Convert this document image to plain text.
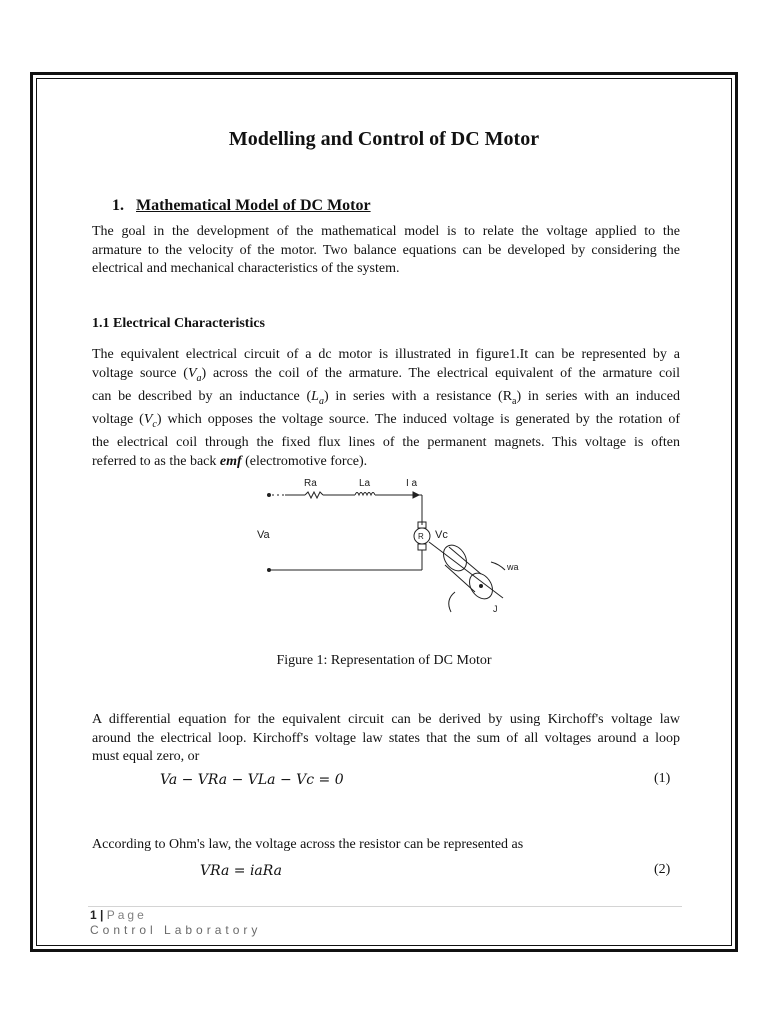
Modelling and Control of DC Motor
1. Mathematical Model of DC Motor
The goal in the development of the mathematical model is to relate the voltage applied to the
armature to the velocity of the motor. Two balance equations can be developed by considering the
electrical and mechanical characteristics of the system.
1.1 Electrical Characteristics
The equivalent electrical circuit of a dc motor is illustrated in figure1.It can be represented by a
voltage source $(V_a)$ across the coil of the armature. The electrical equivalent of the armature coil
can be described by an inductance $(L_a)$ in series with a resistance $(R_a)$ in series with an induced
voltage $(V_c)$ which opposes the voltage source. The induced voltage is generated by the rotation of
the electrical coil through the fixed flux lines of the permanent magnets. This voltage is often
referred to as the back emf (electromotive force).
Ra	La	I a
Va	R Vc
wa
J
Figure 1: Representation of DC Motor
A differential equation for the equivalent circuit can be derived by using Kirchoff's voltage law
around the electrical loop. Kirchoff's voltage law states that the sum of all voltages around a loop
must equal zero, or
Va − VRa − VLa − Vc = 0	(1)
According to Ohm's law, the voltage across the resistor can be represented as
VRa = iaRa	(2)
1 | Page
Control Laboratory
